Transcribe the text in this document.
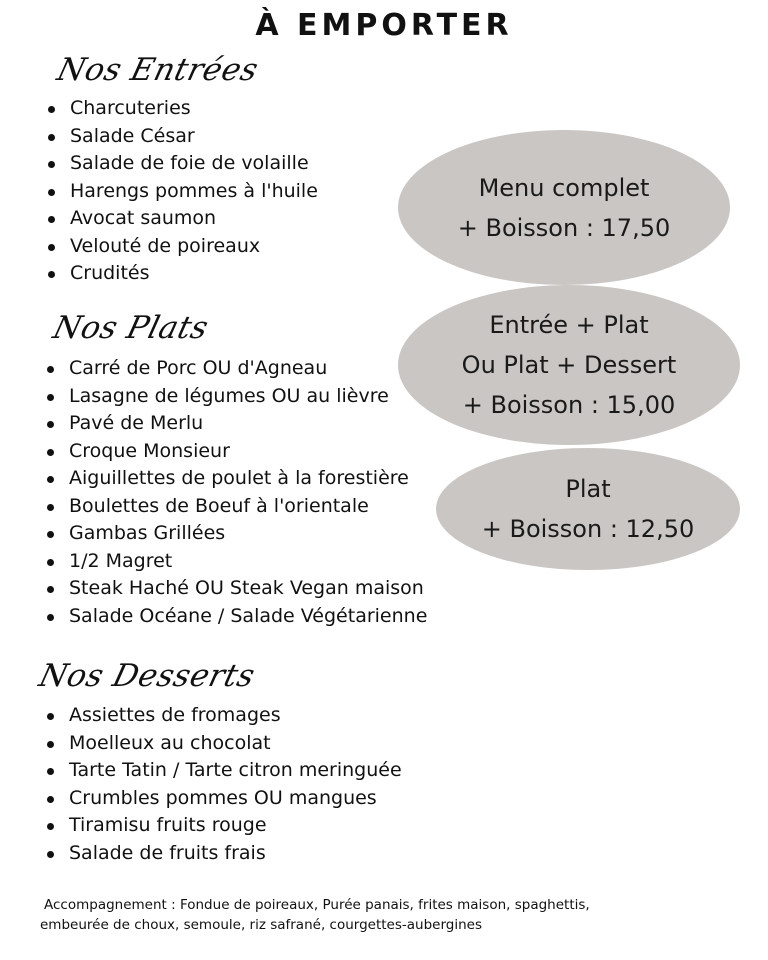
À EMPORTER
Nos Entrées
Charcuteries
Salade César
Salade de foie de volaille
Harengs pommes à l'huile
Avocat saumon
Velouté de poireaux
Crudités
Nos Plats
Carré de Porc OU d'Agneau
Lasagne de légumes OU au lièvre
Pavé de Merlu
Croque Monsieur
Aiguillettes de poulet à la forestière
Boulettes de Boeuf à l'orientale
Gambas Grillées
1/2 Magret
Steak Haché OU Steak Vegan maison
Salade Océane / Salade Végétarienne
Nos Desserts
Assiettes de fromages
Moelleux au chocolat
Tarte Tatin / Tarte citron meringuée
Crumbles pommes OU mangues
Tiramisu fruits rouge
Salade de fruits frais
Menu complet
+ Boisson : 17,50
Entrée + Plat
Ou Plat + Dessert
+ Boisson : 15,00
Plat
+ Boisson : 12,50
Accompagnement : Fondue de poireaux, Purée panais, frites maison, spaghettis,
embeurée de choux, semoule, riz safrané, courgettes-aubergines
